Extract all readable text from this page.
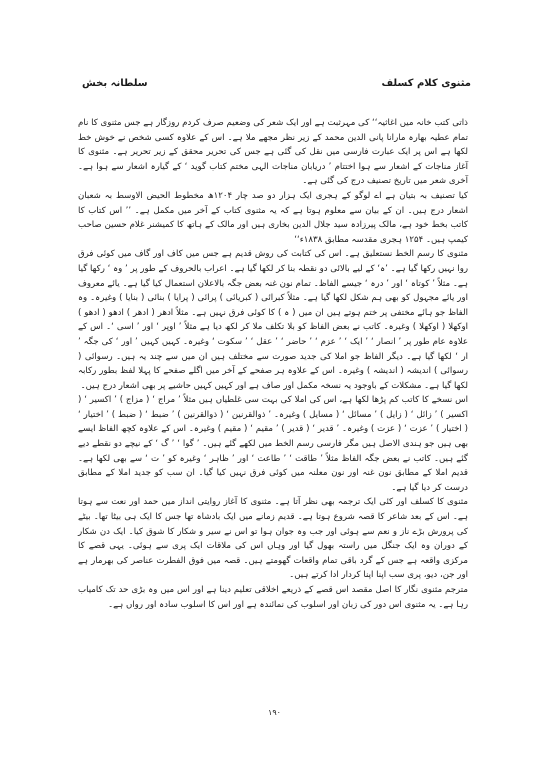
مثنوی کلام کسلف
سلطانہ بخش

ذاتی کتب خانہ میں اغاثیہ‘‘ کی مہرثبت ہے اور ایک شعر کی وضعیم صرف کردم روزگار ہے جس مثنوی کا نام تمام عطیہ بھارہ مارانا پانی الدین محمد کے زیر نظر مجھے ملا ہے۔ اس کے علاوہ کسی شخص نے خوش خط لکھا ہے اس پر ایک عبارت فارسی میں نقل کی گئی ہے جس کی تحریر محقق کے زیر تحریر ہے۔ مثنوی کا آغاز مناجات کے اشعار سے ہوا اختتام ’ دریابان مناجات الہی مختم کتاب گوید ‘ کے گیارہ اشعار سے ہوا ہے۔ آخری شعر میں تاریخ تصنیف درج کی گئی ہے۔

کیا تصنیف بہ بتیان ہے اے لوگو کے ہجری ایک ہزار دو صد چار ۱۲۰۴ھ مخطوط الحیض الاوسط بہ شعبان اشعار درج ہیں۔ ان کے بیان سے معلوم ہوتا ہے کہ یہ مثنوی کتاب کے آخر میں مکمل ہے۔ ’’ اس کتاب کا کاتب بخط خود ہے، مالک پیرزادہ سید جلال الدین بخاری ہیں اور مالک کے ہاتھ کا کمیشنر غلام حسین صاحب کیمپ ہیں۔ ۱۲۵۴ ہجری مقدسہ مطابق ۱۸۳۸ء‘‘

مثنوی کا رسم الخط نستعلیق ہے۔ اس کی کتابت کی روش قدیم ہے جس میں کاف اور گاف میں کوئی فرق روا نہیں رکھا گیا ہے۔ ’ہ‘ کے لیے بالائی دو نقطہ بنا کر لکھا گیا ہے۔ اعراب بالحروف کے طور پر ’ وہ ‘ رکھا گیا ہے۔ مثلاً ’ کوتاہ ‘ اور ’ درہ ‘ جیسے الفاظ۔ تمام نون غنہ بعض جگہ بالاعلان استعمال کیا گیا ہے۔ یائے معروف اور یائے مجہول کو بھی ہم شکل لکھا گیا ہے۔ مثلاً کبرائی ( کبریائی ) پرائی ( پرایا ) بنائی ( بنایا ) وغیرہ۔ وہ الفاظ جو ہائے مختفی پر ختم ہوتے ہیں ان میں ( ہ ) کا کوئی فرق نہیں ہے۔ مثلاً ادھر ( ادھر ) ادھو ( ادھو ) اوکھلا ( اوکھلا ) وغیرہ۔ کاتب نے بعض الفاظ کو بلا تکلف ملا کر لکھ دیا ہے مثلاً ’ اوپر ‘ اور ’ اسی ‘۔ اس کے علاوہ عام طور پر ’ انصار ‘ ’ ایک ‘ ’ عزم ‘ ’ حاضر ‘ ’ عقل ‘ ’ سکوت ‘ وغیرہ۔ کہیں کہیں ’ اور ‘ کی جگہ ’ ار ‘ لکھا گیا ہے۔ دیگر الفاظ جو املا کی جدید صورت سے مختلف ہیں ان میں سے چند یہ ہیں۔ رسوائی ( رسوائی ) اندیشہ ( اندیشہ ) وغیرہ۔ اس کے علاوہ ہر صفحے کے آخر میں اگلے صفحے کا پہلا لفظ بطور رکابہ لکھا گیا ہے۔ مشکلات کے باوجود یہ نسخہ مکمل اور صاف ہے اور کہیں کہیں حاشیے پر بھی اشعار درج ہیں۔

اس نسخے کا کاتب کم پڑھا لکھا ہے، اس کی املا کی بہت سی غلطیاں ہیں مثلاً ’ مراج ‘ ( مزاج ) ’ اکسیر ‘ ( اکسیر ) ’ زائل ‘ ( زایل ) ’ مسائل ‘ ( مسایل ) وغیرہ۔ ’ ذوالقرنین ‘ ( ذوالقرنین ) ’ ضبط ‘ ( ضبط ) ’ اختیار ‘ ( اختیار ) ’ عزت ‘ ( عزت ) وغیرہ۔ ’ قدیر ‘ ( قدیر ) ’ مقیم ‘ ( مقیم ) وغیرہ۔ اس کے علاوہ کچھ الفاظ ایسے بھی ہیں جو ہندی الاصل ہیں مگر فارسی رسم الخط میں لکھے گئے ہیں۔ ’ گوا ‘ ’ گ ‘ کے نیچے دو نقطے دیے گئے ہیں۔ کاتب نے بعض جگہ الفاظ مثلاً ’ طاقت ‘ ’ طاعت ‘ اور ’ ظاہر ‘ وغیرہ کو ’ ت ‘ سے بھی لکھا ہے۔ قدیم املا کے مطابق نون غنہ اور نون معلنہ میں کوئی فرق نہیں کیا گیا۔ ان سب کو جدید املا کے مطابق درست کر دیا گیا ہے۔

مثنوی کا کسلف اور کئی ایک ترجمہ بھی نظر آتا ہے۔ مثنوی کا آغاز روایتی انداز میں حمد اور نعت سے ہوتا ہے۔ اس کے بعد شاعر کا قصہ شروع ہوتا ہے۔ قدیم زمانے میں ایک بادشاہ تھا جس کا ایک ہی بیٹا تھا۔ بیٹے کی پرورش بڑے ناز و نعم سے ہوئی اور جب وہ جوان ہوا تو اس نے سیر و شکار کا شوق کیا۔ ایک دن شکار کے دوران وہ ایک جنگل میں راستہ بھول گیا اور وہاں اس کی ملاقات ایک پری سے ہوئی۔ یہی قصے کا مرکزی واقعہ ہے جس کے گرد باقی تمام واقعات گھومتے ہیں۔ قصہ میں فوق الفطرت عناصر کی بھرمار ہے اور جن، دیو، پری سب اپنا اپنا کردار ادا کرتے ہیں۔

مترجم مثنوی نگار کا اصل مقصد اس قصے کے ذریعے اخلاقی تعلیم دینا ہے اور اس میں وہ بڑی حد تک کامیاب رہا ہے۔ یہ مثنوی اس دور کی زبان اور اسلوب کی نمائندہ ہے اور اس کا اسلوب سادہ اور رواں ہے۔

۱۹۰
